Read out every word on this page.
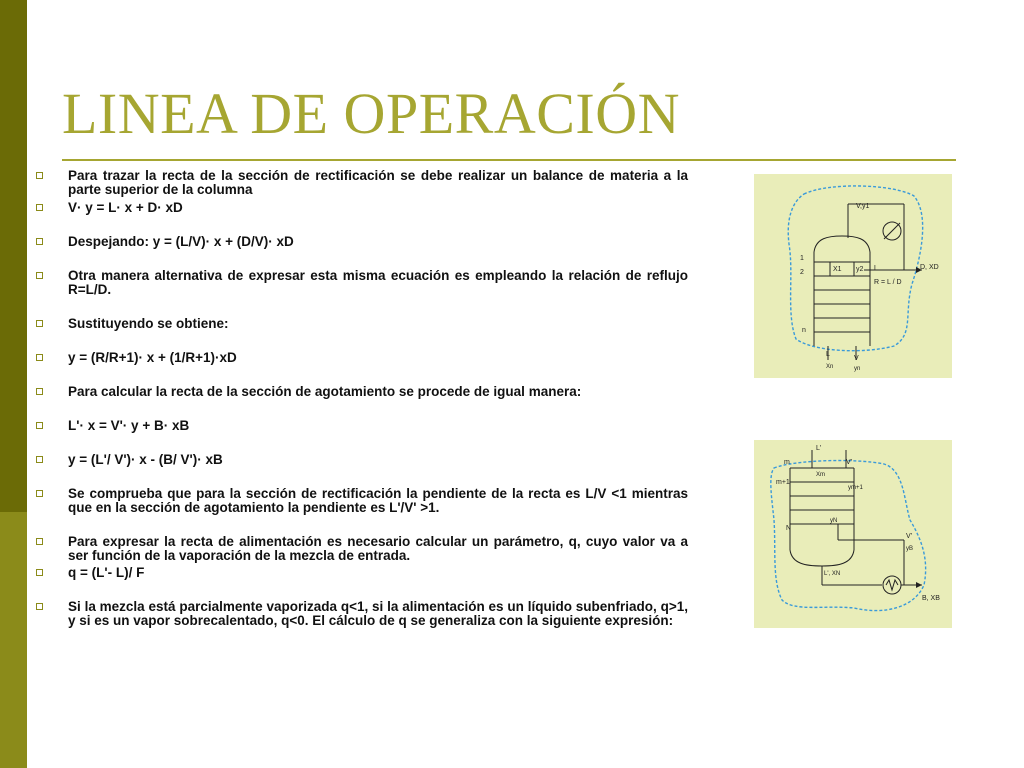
LINEA DE OPERACIÓN
Para trazar la recta de la sección de rectificación se debe realizar un balance de materia a la parte superior de la columna
V· y = L· x + D· xD
Despejando: y = (L/V)· x + (D/V)· xD
Otra manera alternativa de expresar esta misma ecuación es empleando la relación de reflujo R=L/D.
Sustituyendo se obtiene:
y = (R/R+1)· x + (1/R+1)·xD
Para calcular la recta de la sección de agotamiento se procede de igual manera:
L'· x = V'· y + B· xB
y = (L'/ V')· x - (B/ V')· xB
Se comprueba que para la sección de rectificación la pendiente de la recta es L/V <1 mientras que en la sección de agotamiento la pendiente es L'/V' >1.
Para expresar la recta de alimentación es necesario calcular un parámetro, q, cuyo valor va a ser función de la vaporación de la mezcla de entrada.
q = (L'- L)/ F
Si la mezcla está parcialmente vaporizada q<1, si la alimentación es un líquido subenfriado, q>1, y si es un vapor sobrecalentado, q<0. El cálculo de q se generaliza con la siguiente expresión:
V,y1
D, XD
1
2	X1 y2 L
R = L / D
n
L
Xn
V
yn
L'
m
Xm
V'
m+1
ym+1
yN
N
V'
yB
L', XN
B, XB
